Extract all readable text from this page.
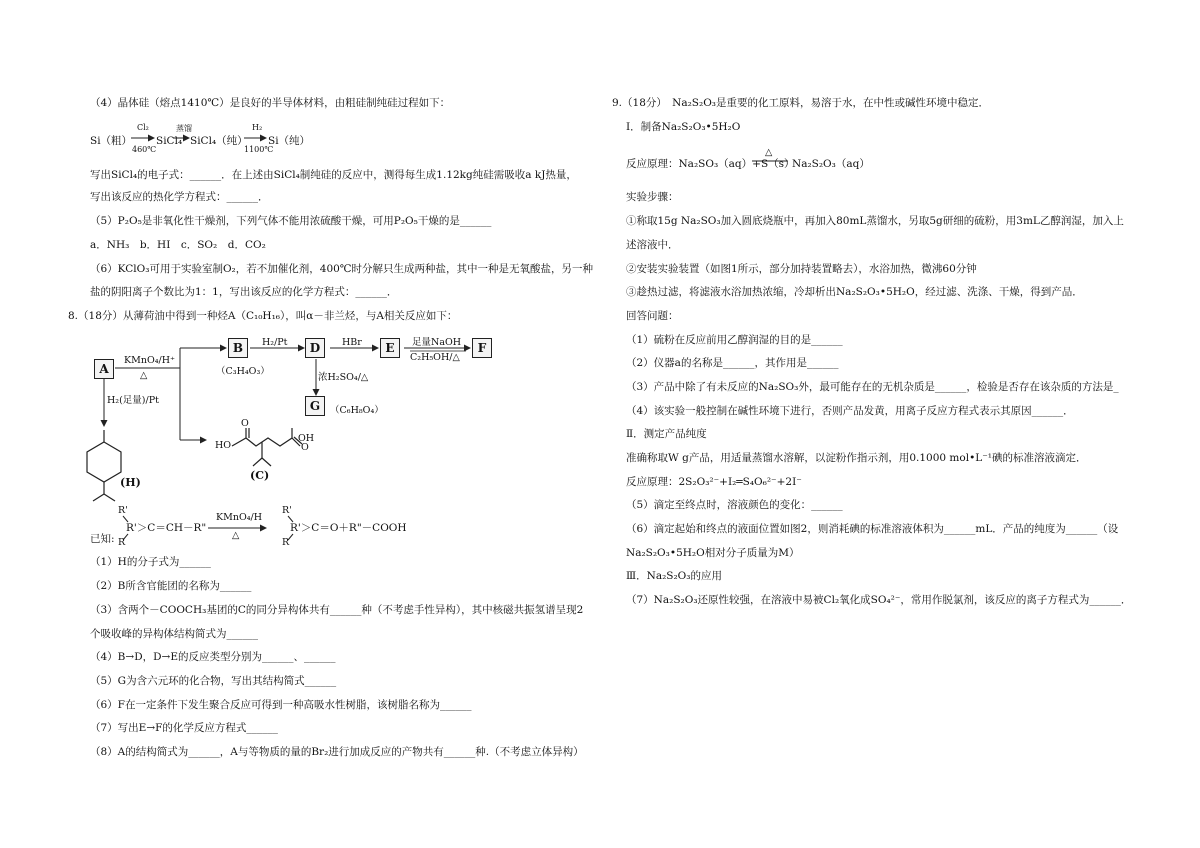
（4）晶体硅（熔点1410℃）是良好的半导体材料，由粗硅制纯硅过程如下：
Si（粗）
Cl₂
460℃
SiCl₄
蒸馏
SiCl₄（纯）
H₂
1100℃
Si（纯）
写出SiCl₄的电子式：______．在上述由SiCl₄制纯硅的反应中，测得每生成1.12kg纯硅需吸收a kJ热量，
写出该反应的热化学方程式：______．
（5）P₂O₅是非氧化性干燥剂，下列气体不能用浓硫酸干燥，可用P₂O₅干燥的是______
a．NH₃　b．HI　c．SO₂　d．CO₂
（6）KClO₃可用于实验室制O₂，若不加催化剂，400℃时分解只生成两种盐，其中一种是无氧酸盐，另一种
盐的阴阳离子个数比为1：1，写出该反应的化学方程式：______．
8.（18分）从薄荷油中得到一种烃A（C₁₀H₁₆），叫α－非兰烃，与A相关反应如下：
A
KMnO₄/H⁺
△
B
（C₃H₄O₃）
H₂/Pt	D	HBr	E	足量NaOH
C₂H₅OH/△
F
浓H₂SO₄/△
G	（C₆H₈O₄）
H₂(足量)/Pt
(H)
HO
O
O
OH
(C)
已知:
R'
R
R'＞C＝CH－R"
KMnO₄/H
△
R'
R
R'＞C＝O＋R"－COOH
（1）H的分子式为______
（2）B所含官能团的名称为______
（3）含两个－COOCH₃基团的C的同分异构体共有______种（不考虑手性异构），其中核磁共振氢谱呈现2
个吸收峰的异构体结构简式为______
（4）B→D，D→E的反应类型分别为______、______
（5）G为含六元环的化合物，写出其结构简式______
（6）F在一定条件下发生聚合反应可得到一种高吸水性树脂，该树脂名称为______
（7）写出E→F的化学反应方程式______
（8）A的结构简式为______，A与等物质的量的Br₂进行加成反应的产物共有______种.（不考虑立体异构）
9.（18分）　Na₂S₂O₃是重要的化工原料，易溶于水，在中性或碱性环境中稳定．
Ⅰ．制备Na₂S₂O₃•5H₂O
反应原理：Na₂SO₃（aq）+S（s）
△
Na₂S₂O₃（aq）
实验步骤：
①称取15g Na₂SO₃加入圆底烧瓶中，再加入80mL蒸馏水，另取5g研细的硫粉，用3mL乙醇润湿，加入上
述溶液中．
②安装实验装置（如图1所示，部分加持装置略去），水浴加热，微沸60分钟
③趁热过滤，将滤液水浴加热浓缩，冷却析出Na₂S₂O₃•5H₂O，经过滤、洗涤、干燥，得到产品．
回答问题：
（1）硫粉在反应前用乙醇润湿的目的是______
（2）仪器a的名称是______，其作用是______
（3）产品中除了有未反应的Na₂SO₃外，最可能存在的无机杂质是______，检验是否存在该杂质的方法是_
（4）该实验一般控制在碱性环境下进行，否则产品发黄，用离子反应方程式表示其原因______．
Ⅱ．测定产品纯度
准确称取W g产品，用适量蒸馏水溶解，以淀粉作指示剂，用0.1000 mol•L⁻¹碘的标准溶液滴定．
反应原理：2S₂O₃²⁻+I₂═S₄O₆²⁻+2I⁻
（5）滴定至终点时，溶液颜色的变化：______
（6）滴定起始和终点的液面位置如图2，则消耗碘的标准溶液体积为______mL．产品的纯度为______（设
Na₂S₂O₃•5H₂O相对分子质量为M）
Ⅲ．Na₂S₂O₃的应用
（7）Na₂S₂O₃还原性较强，在溶液中易被Cl₂氧化成SO₄²⁻，常用作脱氯剂，该反应的离子方程式为______．
